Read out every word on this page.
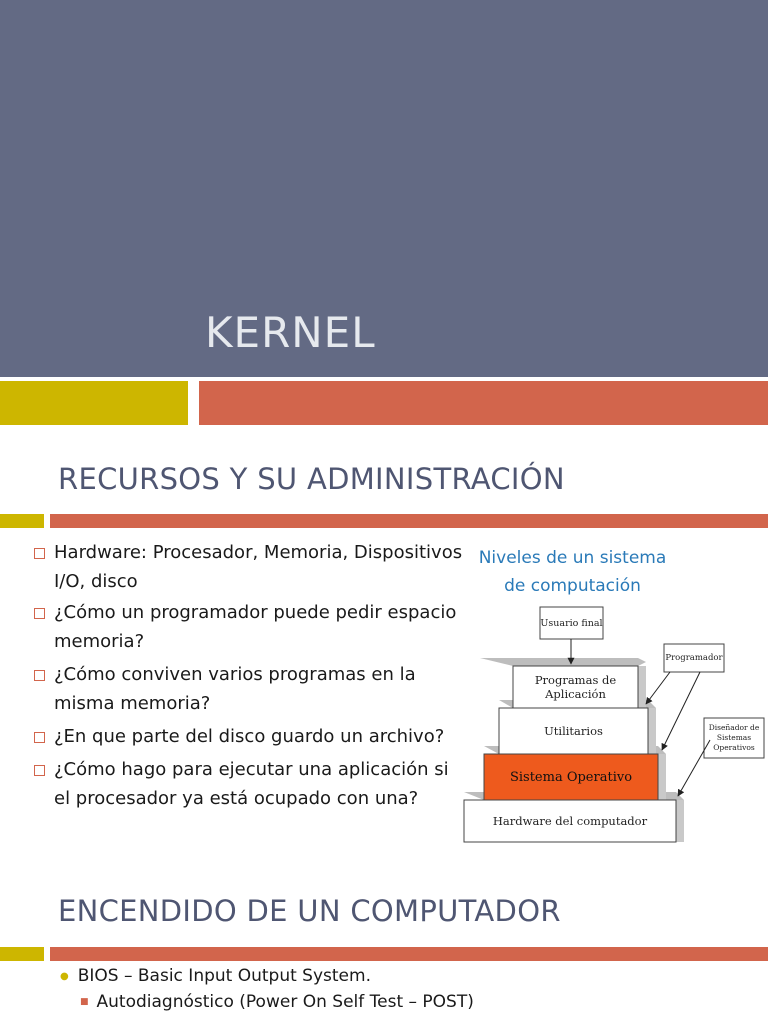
KERNEL
RECURSOS Y SU ADMINISTRACIÓN
Hardware: Procesador, Memoria, Dispositivos I/O, disco
¿Cómo un programador puede pedir espacio memoria?
¿Cómo conviven varios programas en la misma memoria?
¿En que parte del disco guardo un archivo?
¿Cómo hago para ejecutar una aplicación si el procesador ya está ocupado con una?
Niveles de un sistema
de computación
Usuario final
Programas de
Aplicación
Utilitarios
Sistema Operativo
Hardware del computador
Programador
Diseñador de
Sistemas
Operativos
ENCENDIDO DE UN COMPUTADOR
● BIOS – Basic Input Output System.
■ Autodiagnóstico (Power On Self Test – POST)
